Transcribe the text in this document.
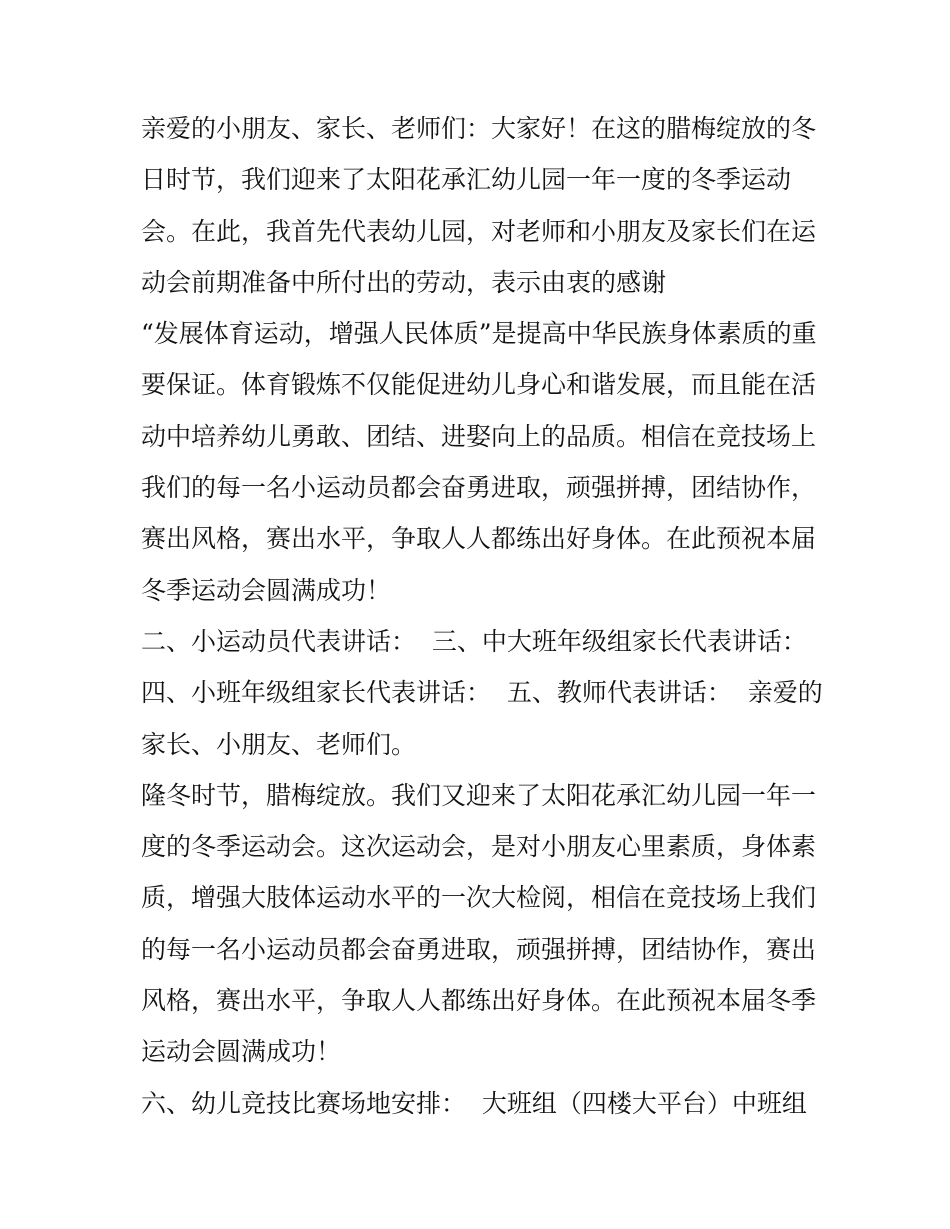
亲爱的小朋友、家长、老师们：大家好！在这的腊梅绽放的冬
日时节，我们迎来了太阳花承汇幼儿园一年一度的冬季运动
会。在此，我首先代表幼儿园，对老师和小朋友及家长们在运
动会前期准备中所付出的劳动，表示由衷的感谢
“发展体育运动，增强人民体质”是提高中华民族身体素质的重
要保证。体育锻炼不仅能促进幼儿身心和谐发展，而且能在活
动中培养幼儿勇敢、团结、进娶向上的品质。相信在竞技场上
我们的每一名小运动员都会奋勇进取，顽强拼搏，团结协作，
赛出风格，赛出水平，争取人人都练出好身体。在此预祝本届
冬季运动会圆满成功！
二、小运动员代表讲话：  三、中大班年级组家长代表讲话：
四、小班年级组家长代表讲话：  五、教师代表讲话：  亲爱的
家长、小朋友、老师们。
隆冬时节，腊梅绽放。我们又迎来了太阳花承汇幼儿园一年一
度的冬季运动会。这次运动会，是对小朋友心里素质，身体素
质，增强大肢体运动水平的一次大检阅，相信在竞技场上我们
的每一名小运动员都会奋勇进取，顽强拼搏，团结协作，赛出
风格，赛出水平，争取人人都练出好身体。在此预祝本届冬季
运动会圆满成功！
六、幼儿竞技比赛场地安排：  大班组（四楼大平台）中班组
